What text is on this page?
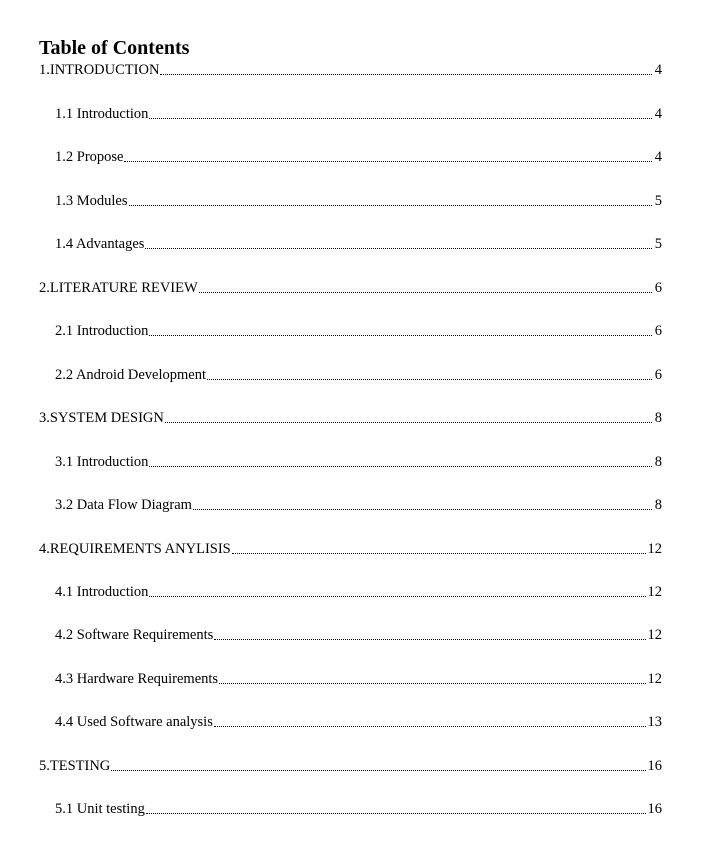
Table of Contents
1.INTRODUCTION	4
1.1 Introduction	4
1.2 Propose	4
1.3 Modules	5
1.4 Advantages	5
2.LITERATURE REVIEW	6
2.1 Introduction	6
2.2 Android Development	6
3.SYSTEM DESIGN	8
3.1 Introduction	8
3.2 Data Flow Diagram	8
4.REQUIREMENTS ANYLISIS	12
4.1 Introduction	12
4.2 Software Requirements	12
4.3 Hardware Requirements	12
4.4 Used Software analysis	13
5.TESTING	16
5.1 Unit testing	16
